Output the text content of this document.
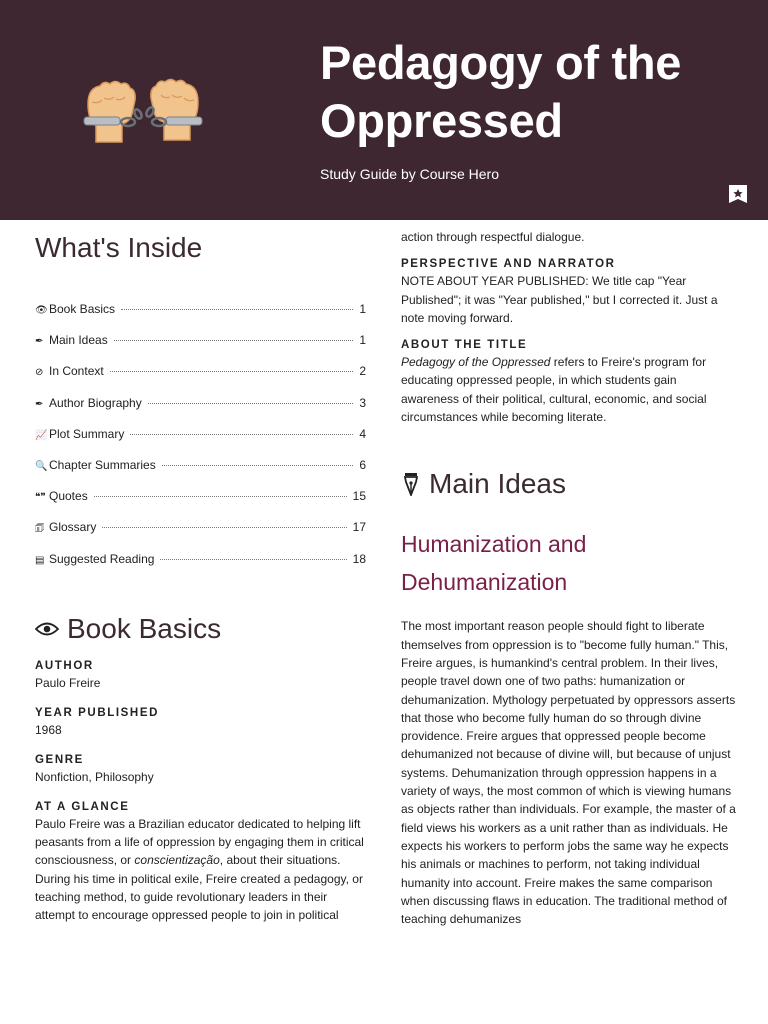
Pedagogy of the Oppressed
Study Guide by Course Hero
What's Inside
👁 Book Basics	1
✒ Main Ideas	1
⊘ In Context	2
✒ Author Biography	3
📈 Plot Summary	4
🔍 Chapter Summaries	6
❝❞ Quotes	15
🗊 Glossary	17
▤ Suggested Reading	18
Book Basics
AUTHOR
Paulo Freire
YEAR PUBLISHED
1968
GENRE
Nonfiction, Philosophy
AT A GLANCE

Paulo Freire was a Brazilian educator dedicated to helping lift peasants from a life of oppression by engaging them in critical consciousness, or conscientização, about their situations. During his time in political exile, Freire created a pedagogy, or teaching method, to guide revolutionary leaders in their attempt to encourage oppressed people to join in political

action through respectful dialogue.

PERSPECTIVE AND NARRATOR

NOTE ABOUT YEAR PUBLISHED: We title cap "Year Published"; it was "Year published," but I corrected it. Just a note moving forward.

ABOUT THE TITLE

Pedagogy of the Oppressed refers to Freire's program for educating oppressed people, in which students gain awareness of their political, cultural, economic, and social circumstances while becoming literate.

Main Ideas
Humanization and Dehumanization

The most important reason people should fight to liberate themselves from oppression is to "become fully human." This, Freire argues, is humankind's central problem. In their lives, people travel down one of two paths: humanization or dehumanization. Mythology perpetuated by oppressors asserts that those who become fully human do so through divine providence. Freire argues that oppressed people become dehumanized not because of divine will, but because of unjust systems. Dehumanization through oppression happens in a variety of ways, the most common of which is viewing humans as objects rather than individuals. For example, the master of a field views his workers as a unit rather than as individuals. He expects his workers to perform jobs the same way he expects his animals or machines to perform, not taking individual humanity into account. Freire makes the same comparison when discussing flaws in education. The traditional method of teaching dehumanizes
